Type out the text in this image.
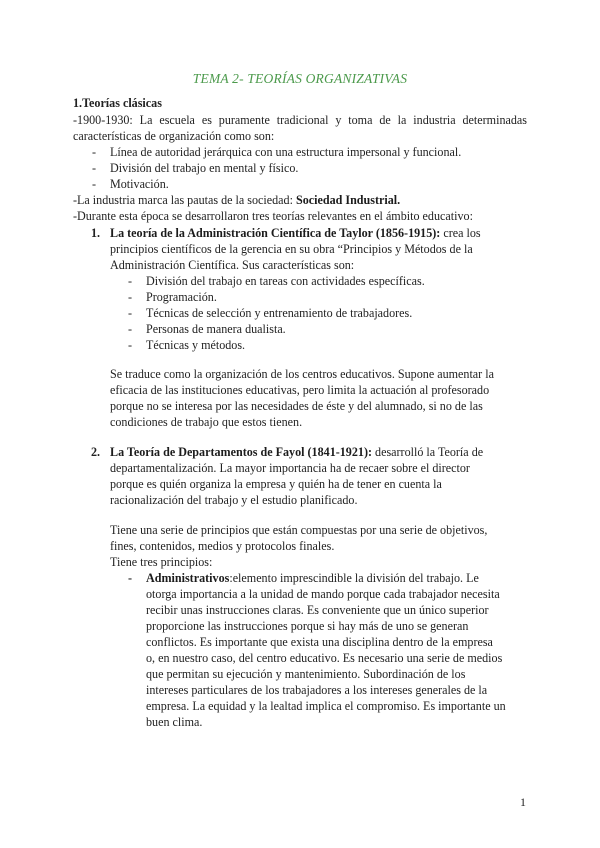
TEMA 2- TEORÍAS ORGANIZATIVAS
1.Teorías clásicas
-1900-1930: La escuela es puramente tradicional y toma de la industria determinadas
características de organización como son:
- Línea de autoridad jerárquica con una estructura impersonal y funcional.
- División del trabajo en mental y físico.
- Motivación.
-La industria marca las pautas de la sociedad: Sociedad Industrial.
-Durante esta época se desarrollaron tres teorías relevantes en el ámbito educativo:
1. La teoría de la Administración Científica de Taylor (1856-1915): crea los
principios científicos de la gerencia en su obra “Principios y Métodos de la
Administración Científica. Sus características son:
- División del trabajo en tareas con actividades específicas.
- Programación.
- Técnicas de selección y entrenamiento de trabajadores.
- Personas de manera dualista.
- Técnicas y métodos.
Se traduce como la organización de los centros educativos. Supone aumentar la
eficacia de las instituciones educativas, pero limita la actuación al profesorado
porque no se interesa por las necesidades de éste y del alumnado, si no de las
condiciones de trabajo que estos tienen.
2. La Teoría de Departamentos de Fayol (1841-1921): desarrolló la Teoría de
departamentalización. La mayor importancia ha de recaer sobre el director
porque es quién organiza la empresa y quién ha de tener en cuenta la
racionalización del trabajo y el estudio planificado.
Tiene una serie de principios que están compuestas por una serie de objetivos,
fines, contenidos, medios y protocolos finales.
Tiene tres principios:
- Administrativos:elemento imprescindible la división del trabajo. Le
otorga importancia a la unidad de mando porque cada trabajador necesita
recibir unas instrucciones claras. Es conveniente que un único superior
proporcione las instrucciones porque si hay más de uno se generan
conflictos. Es importante que exista una disciplina dentro de la empresa
o, en nuestro caso, del centro educativo. Es necesario una serie de medios
que permitan su ejecución y mantenimiento. Subordinación de los
intereses particulares de los trabajadores a los intereses generales de la
empresa. La equidad y la lealtad implica el compromiso. Es importante un
buen clima.
1
